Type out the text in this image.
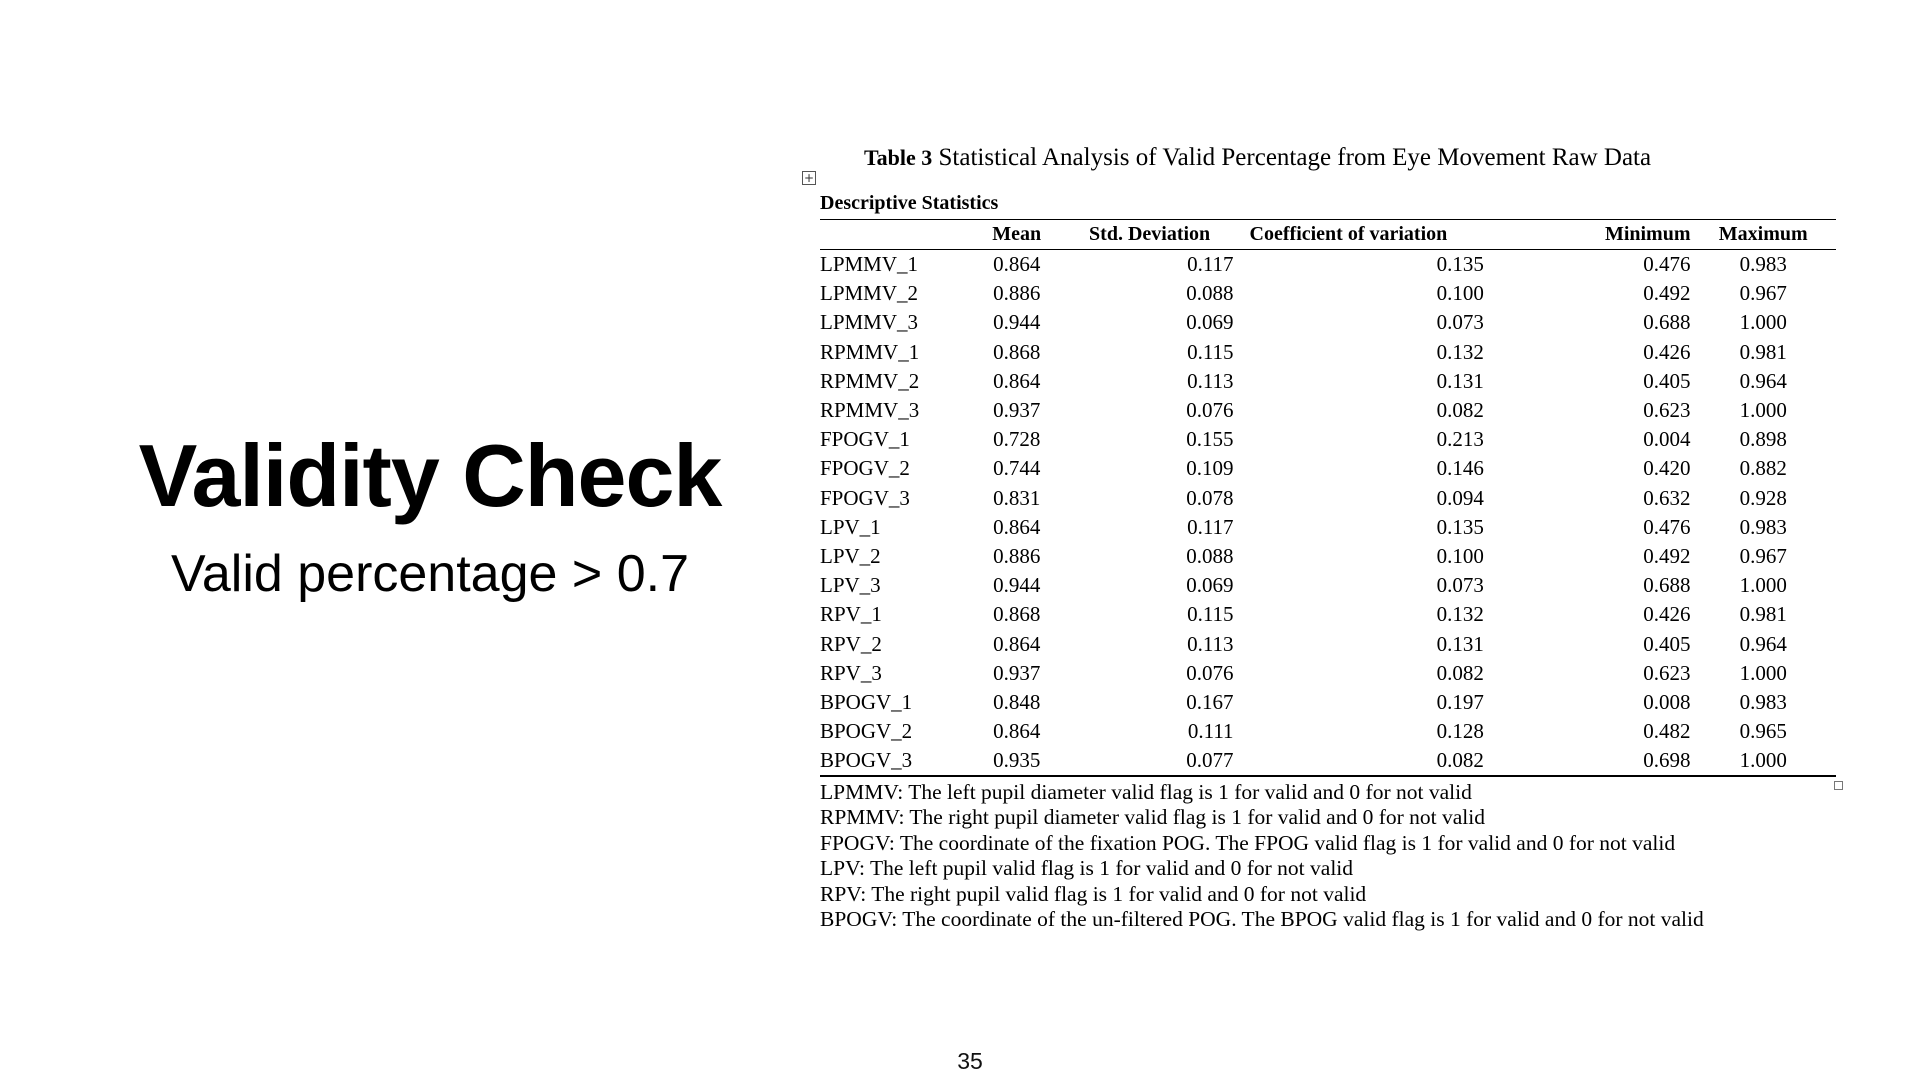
Validity Check
Valid percentage > 0.7
+
Table 3 Statistical Analysis of Valid Percentage from Eye Movement Raw Data
Descriptive Statistics
	Mean	Std. Deviation	Coefficient of variation	Minimum	Maximum
LPMMV_1	0.864	0.117	0.135	0.476	0.983
LPMMV_2	0.886	0.088	0.100	0.492	0.967
LPMMV_3	0.944	0.069	0.073	0.688	1.000
RPMMV_1	0.868	0.115	0.132	0.426	0.981
RPMMV_2	0.864	0.113	0.131	0.405	0.964
RPMMV_3	0.937	0.076	0.082	0.623	1.000
FPOGV_1	0.728	0.155	0.213	0.004	0.898
FPOGV_2	0.744	0.109	0.146	0.420	0.882
FPOGV_3	0.831	0.078	0.094	0.632	0.928
LPV_1	0.864	0.117	0.135	0.476	0.983
LPV_2	0.886	0.088	0.100	0.492	0.967
LPV_3	0.944	0.069	0.073	0.688	1.000
RPV_1	0.868	0.115	0.132	0.426	0.981
RPV_2	0.864	0.113	0.131	0.405	0.964
RPV_3	0.937	0.076	0.082	0.623	1.000
BPOGV_1	0.848	0.167	0.197	0.008	0.983
BPOGV_2	0.864	0.111	0.128	0.482	0.965
BPOGV_3	0.935	0.077	0.082	0.698	1.000
LPMMV: The left pupil diameter valid flag is 1 for valid and 0 for not valid
RPMMV: The right pupil diameter valid flag is 1 for valid and 0 for not valid
FPOGV: The coordinate of the fixation POG. The FPOG valid flag is 1 for valid and 0 for not valid
LPV: The left pupil valid flag is 1 for valid and 0 for not valid
RPV: The right pupil valid flag is 1 for valid and 0 for not valid
BPOGV: The coordinate of the un-filtered POG. The BPOG valid flag is 1 for valid and 0 for not valid
35
